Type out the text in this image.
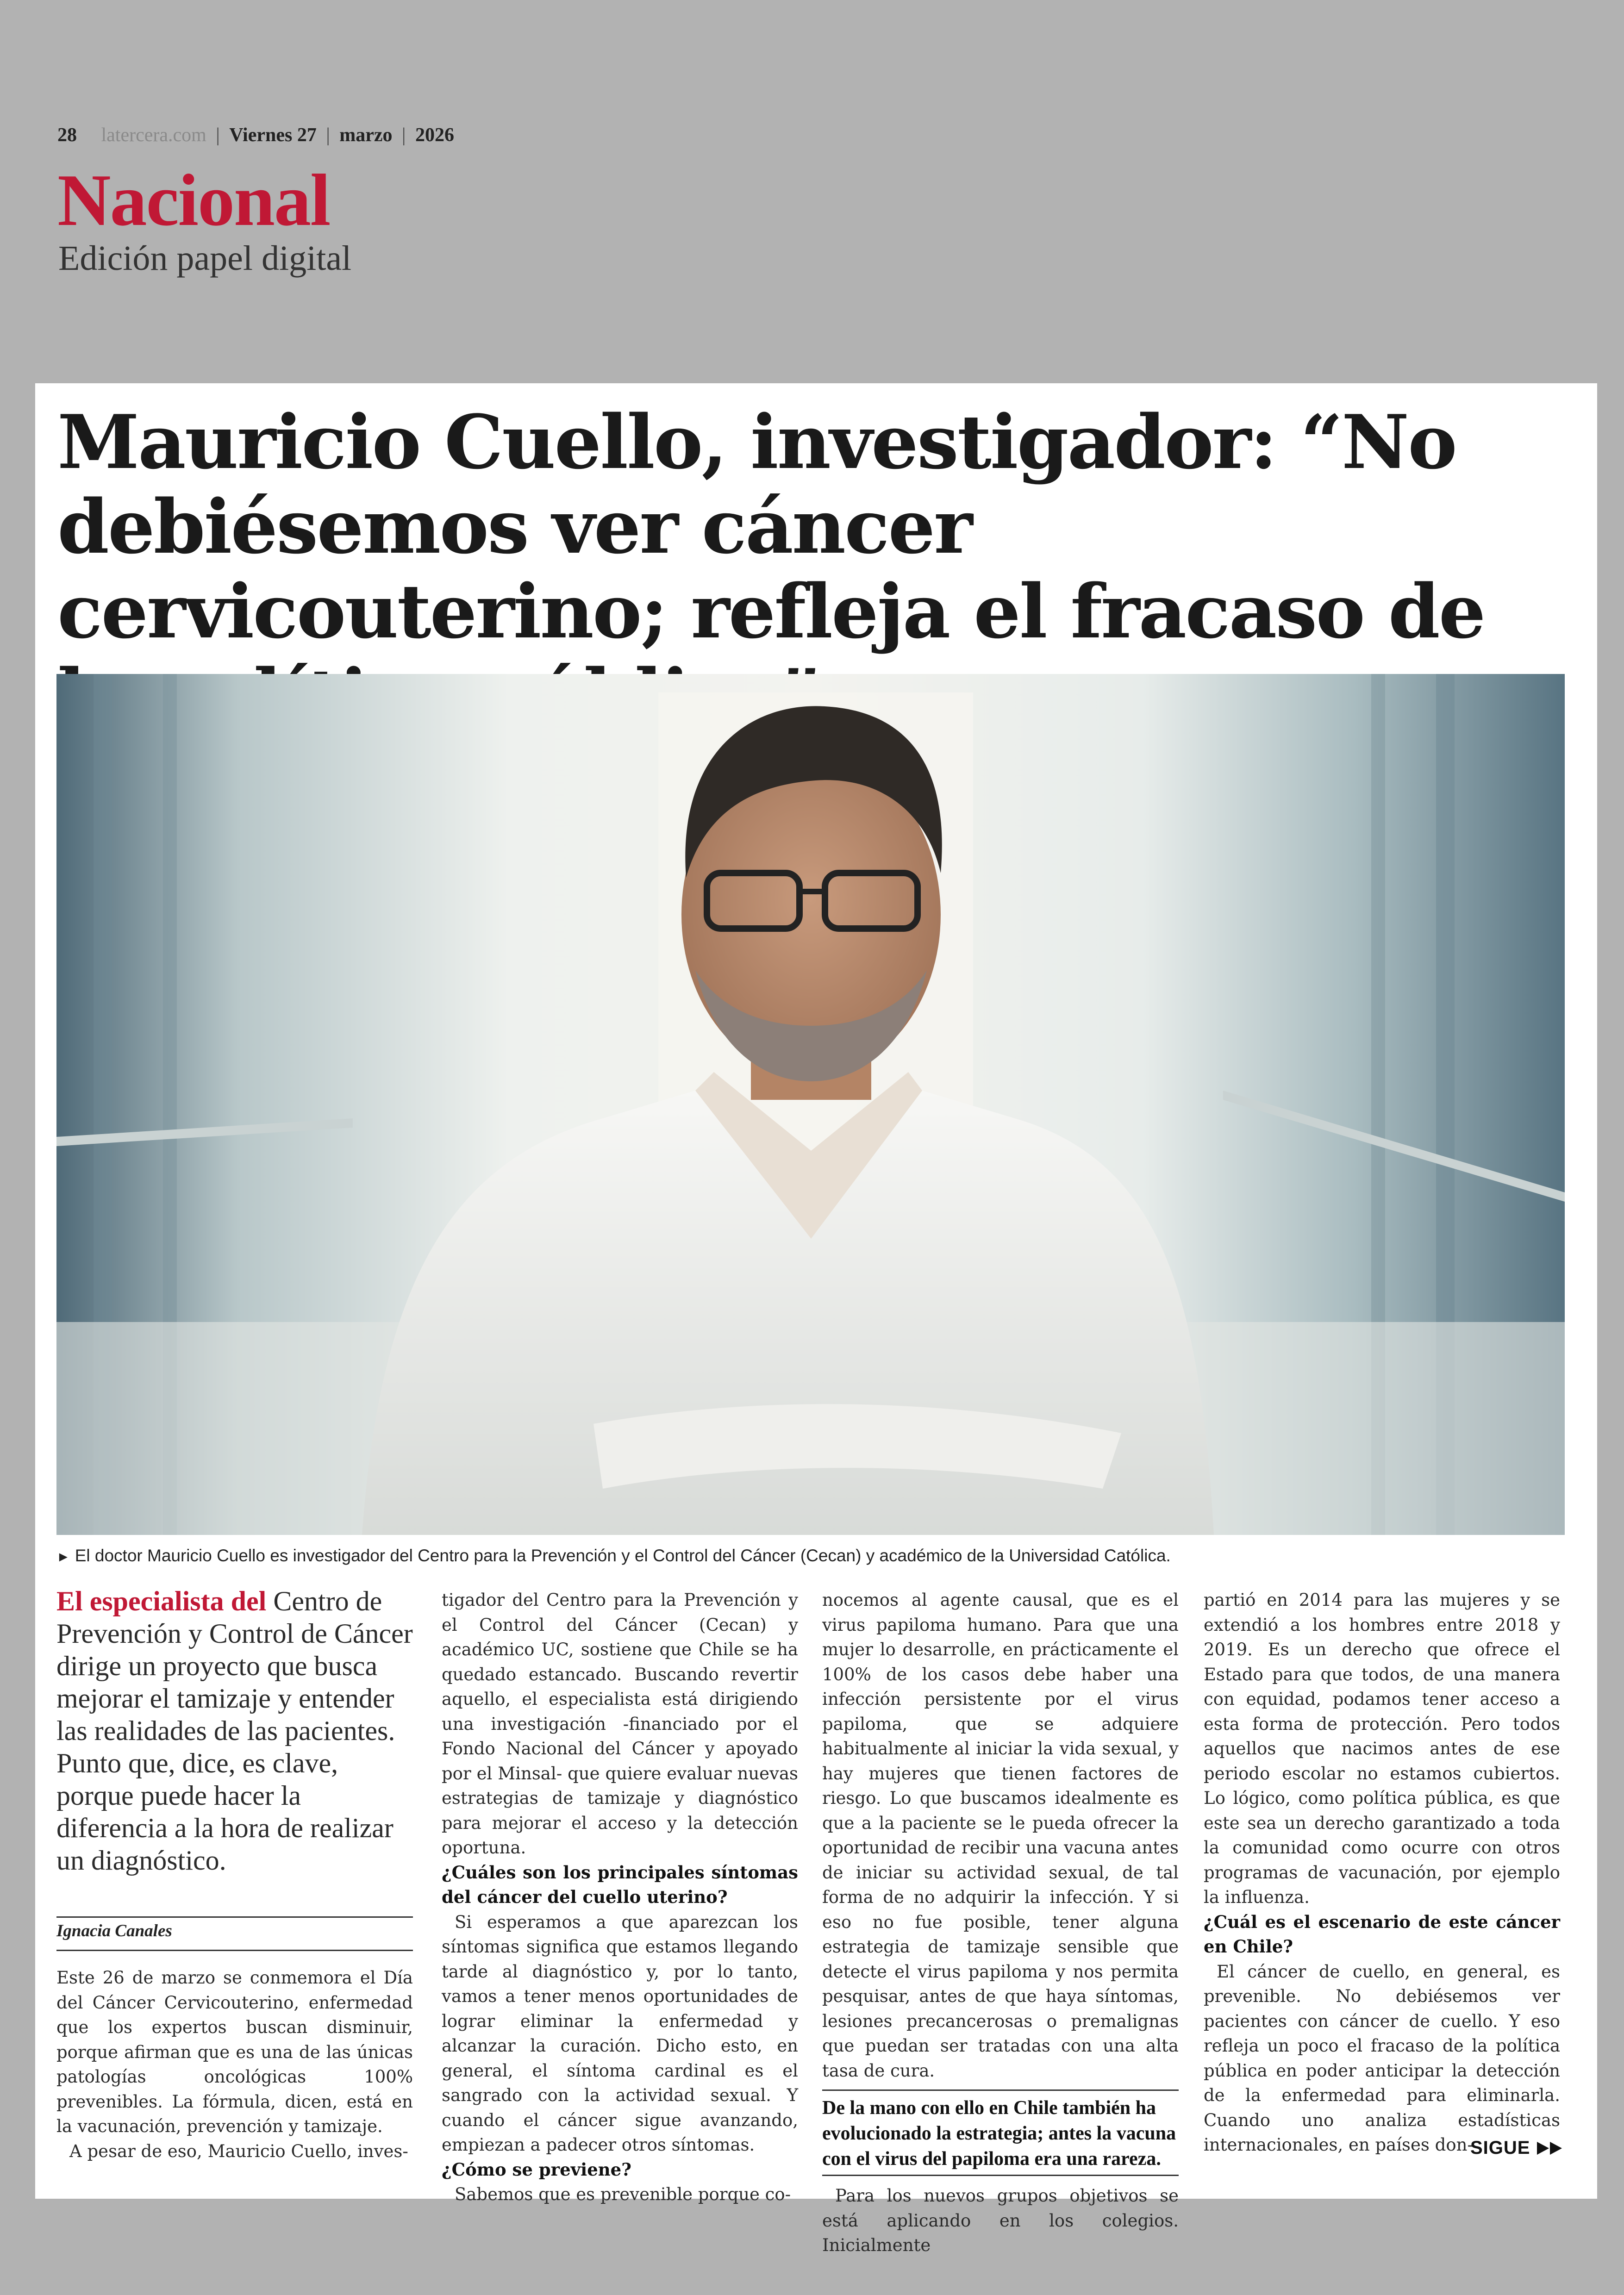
28 latercera.com | Viernes 27 | marzo | 2026
Nacional
Edición papel digital
Mauricio Cuello, investigador: “No debiésemos ver cáncer cervicouterino; refleja el fracaso de
► El doctor Mauricio Cuello es investigador del Centro para la Prevención y el Control del Cáncer (Cecan) y académico de la Universidad Católica.

El especialista del Centro de Prevención y Control de Cáncer dirige un proyecto que busca mejorar el tamizaje y entender las realidades de las pacientes. Punto que, dice, es clave, porque puede hacer la diferencia a la hora de realizar un diagnóstico.

Ignacia Canales

Este 26 de marzo se conmemora el Día del Cáncer Cervicouterino, enfermedad que los expertos buscan disminuir, porque afirman que es una de las únicas patologías oncológicas 100% prevenibles. La fórmula, dicen, está en la vacunación, prevención y tamizaje.

A pesar de eso, Mauricio Cuello, inves-

tigador del Centro para la Prevención y el Control del Cáncer (Cecan) y académico UC, sostiene que Chile se ha quedado estancado. Buscando revertir aquello, el especialista está dirigiendo una investigación -financiado por el Fondo Nacional del Cáncer y apoyado por el Minsal- que quiere evaluar nuevas estrategias de tamizaje y diagnóstico para mejorar el acceso y la detección oportuna.

¿Cuáles son los principales síntomas del cáncer del cuello uterino?

Si esperamos a que aparezcan los síntomas significa que estamos llegando tarde al diagnóstico y, por lo tanto, vamos a tener menos oportunidades de lograr eliminar la enfermedad y alcanzar la curación. Dicho esto, en general, el síntoma cardinal es el sangrado con la actividad sexual. Y cuando el cáncer sigue avanzando, empiezan a padecer otros síntomas.

¿Cómo se previene?

Sabemos que es prevenible porque co-

nocemos al agente causal, que es el virus papiloma humano. Para que una mujer lo desarrolle, en prácticamente el 100% de los casos debe haber una infección persistente por el virus papiloma, que se adquiere habitualmente al iniciar la vida sexual, y hay mujeres que tienen factores de riesgo. Lo que buscamos idealmente es que a la paciente se le pueda ofrecer la oportunidad de recibir una vacuna antes de iniciar su actividad sexual, de tal forma de no adquirir la infección. Y si eso no fue posible, tener alguna estrategia de tamizaje sensible que detecte el virus papiloma y nos permita pesquisar, antes de que haya síntomas, lesiones precancerosas o premalignas que puedan ser tratadas con una alta tasa de cura.

De la mano con ello en Chile también ha evolucionado la estrategia; antes la vacuna con el virus del papiloma era una rareza.

Para los nuevos grupos objetivos se está aplicando en los colegios. Inicialmente

partió en 2014 para las mujeres y se extendió a los hombres entre 2018 y 2019. Es un derecho que ofrece el Estado para que todos, de una manera con equidad, podamos tener acceso a esta forma de protección. Pero todos aquellos que nacimos antes de ese periodo escolar no estamos cubiertos. Lo lógico, como política pública, es que este sea un derecho garantizado a toda la comunidad como ocurre con otros programas de vacunación, por ejemplo la influenza.

¿Cuál es el escenario de este cáncer en Chile?

El cáncer de cuello, en general, es prevenible. No debiésemos ver pacientes con cáncer de cuello. Y eso refleja un poco el fracaso de la política pública en poder anticipar la detección de la enfermedad para eliminarla. Cuando uno analiza estadísticas internacionales, en países don-

SIGUE
